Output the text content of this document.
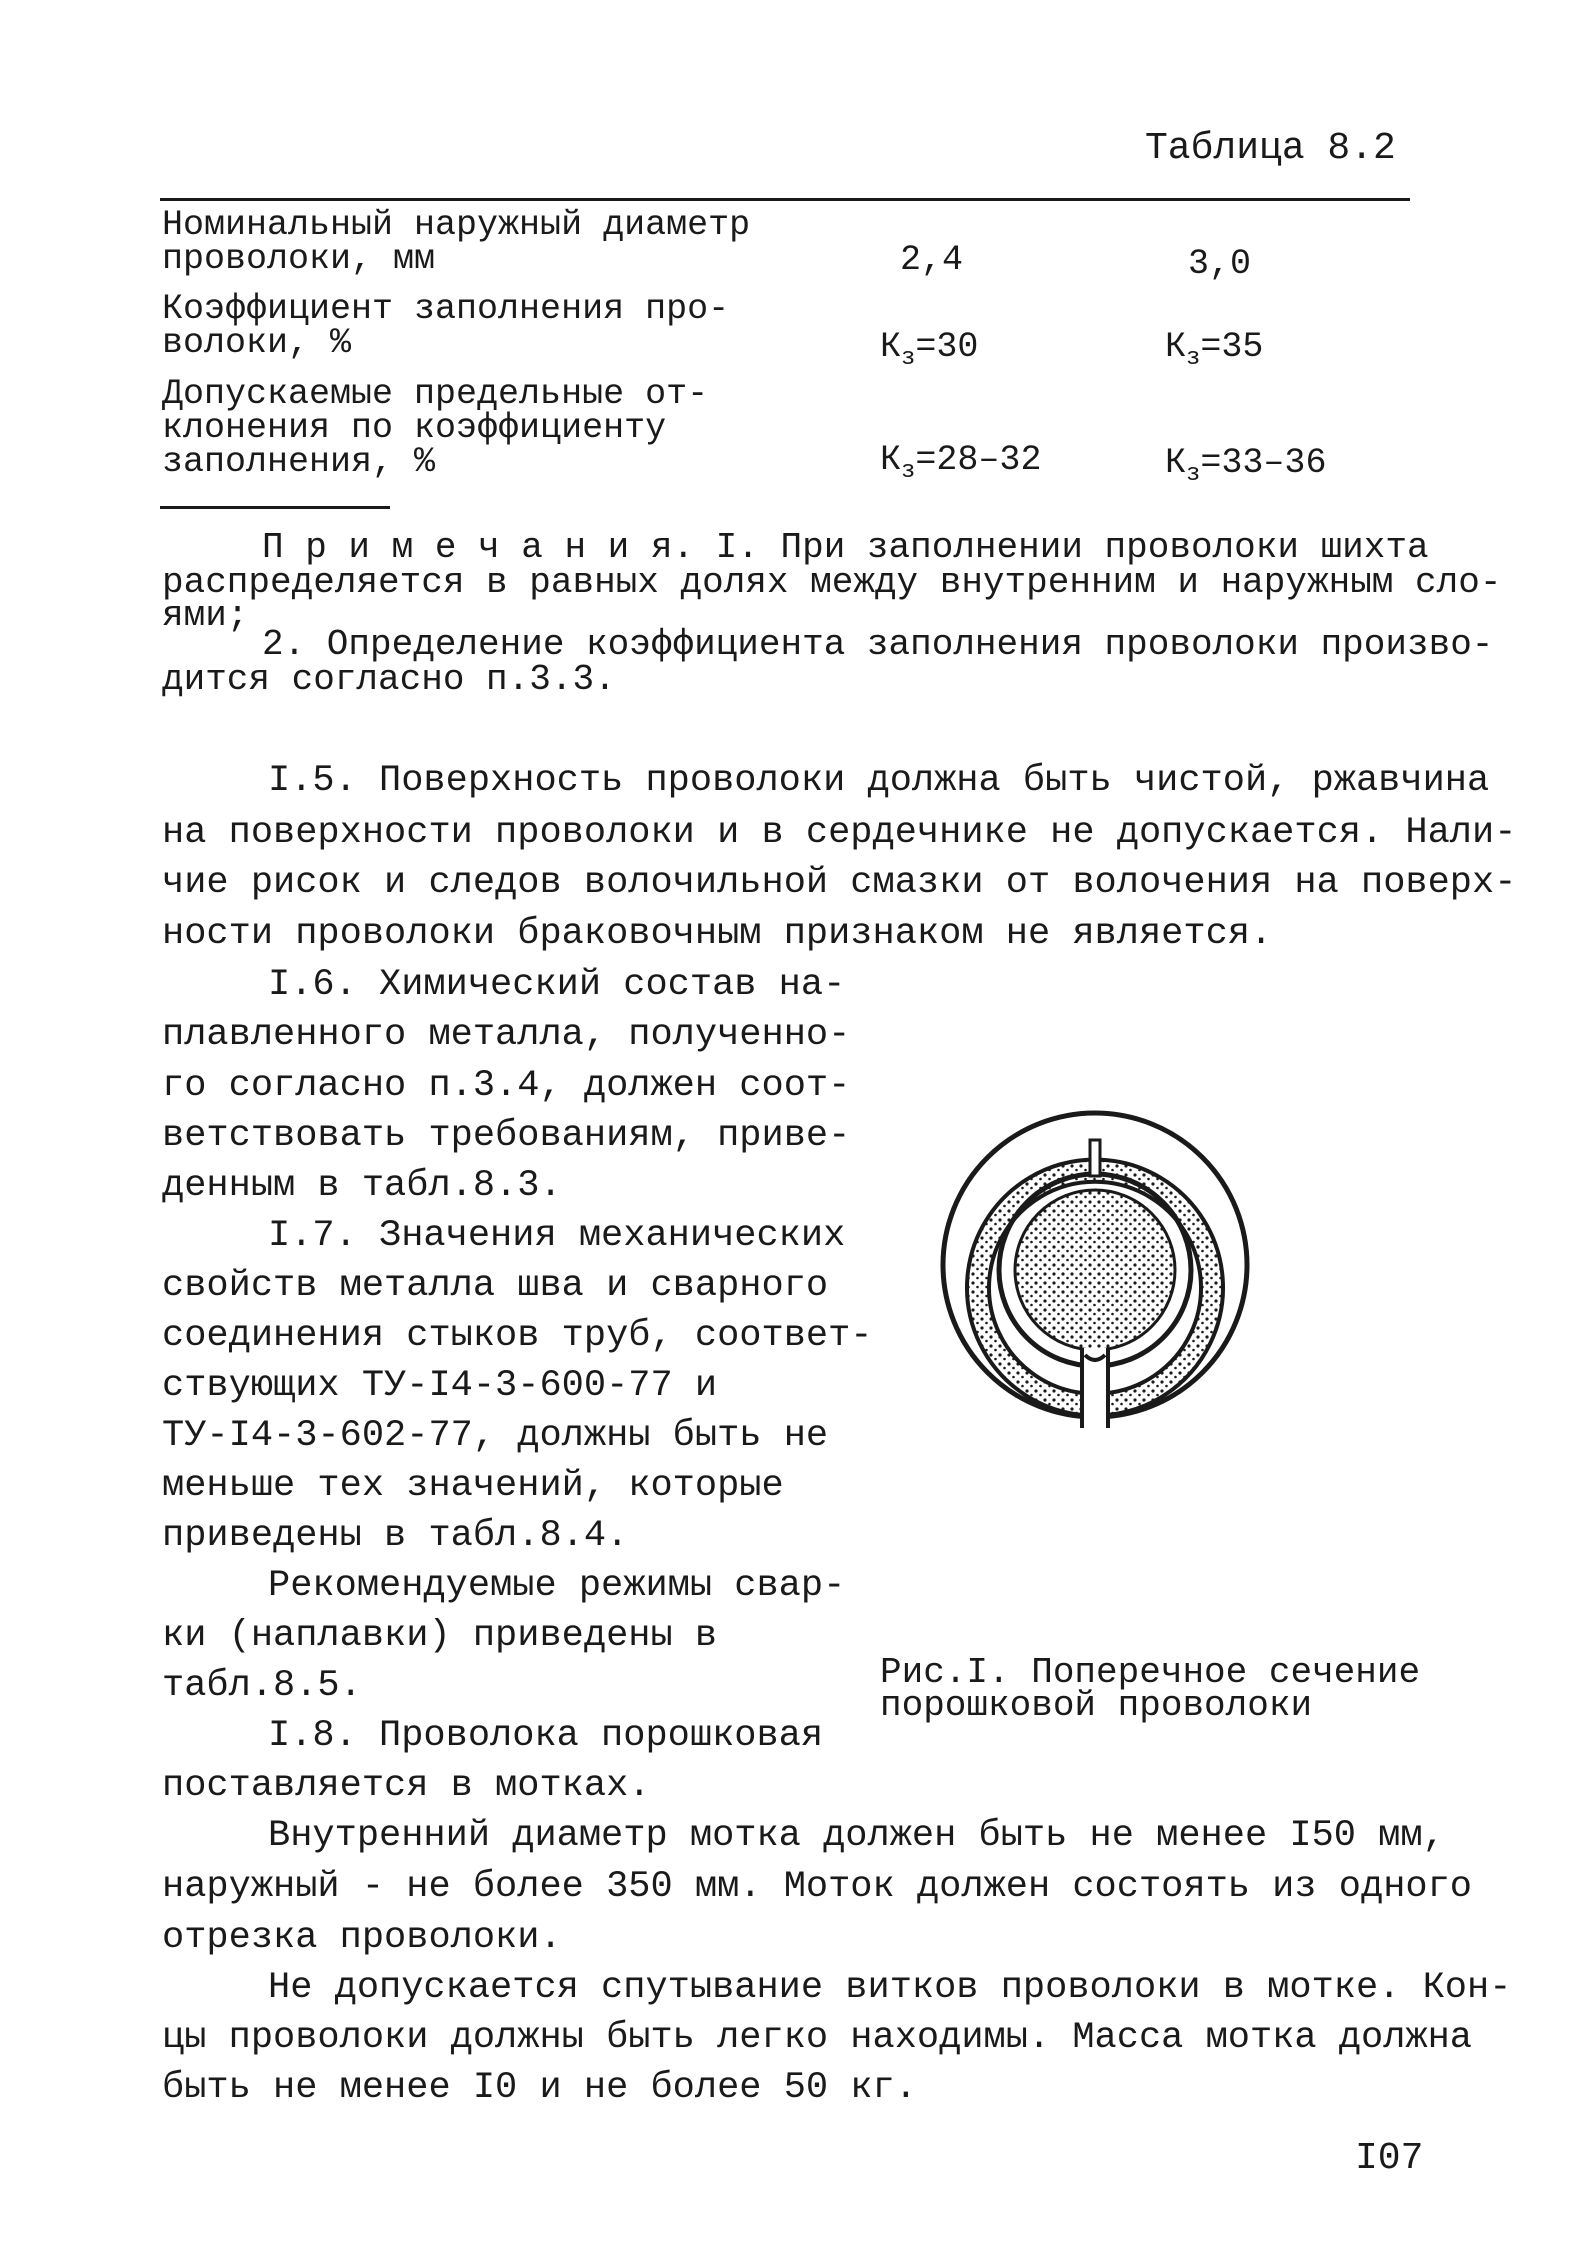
Таблица 8.2
Номинальный наружный диаметр
проволоки, мм	2,4	3,0
Коэффициент заполнения про-
волоки, %	$К_з=30$	$К_з=35$
Допускаемые предельные от-
клонения по коэффициенту
заполнения, %	$К_з=28-32$	$К_з=33-36$
П р и м е ч а н и я. I. При заполнении проволоки шихта
распределяется в равных долях между внутренним и наружным сло-
ями;
2. Определение коэффициента заполнения проволоки произво-
дится согласно п.3.3.
I.5. Поверхность проволоки должна быть чистой, ржавчина
на поверхности проволоки и в сердечнике не допускается. Нали-
чие рисок и следов волочильной смазки от волочения на поверх-
ности проволоки браковочным признаком не является.
I.6. Химический состав на-
плавленного металла, полученно-
го согласно п.3.4, должен соот-
ветствовать требованиям, приве-
денным в табл.8.3.
I.7. Значения механических
свойств металла шва и сварного
соединения стыков труб, соответ-
ствующих ТУ-I4-3-600-77 и
ТУ-I4-3-602-77, должны быть не
меньше тех значений, которые
приведены в табл.8.4.
Рекомендуемые режимы свар-
ки (наплавки) приведены в
табл.8.5.
I.8. Проволока порошковая
поставляется в мотках.
Внутренний диаметр мотка должен быть не менее I50 мм,
наружный - не более 350 мм. Моток должен состоять из одного
отрезка проволоки.
Не допускается спутывание витков проволоки в мотке. Кон-
цы проволоки должны быть легко находимы. Масса мотка должна
быть не менее I0 и не более 50 кг.
Рис.I. Поперечное сечение
порошковой проволоки
I07
